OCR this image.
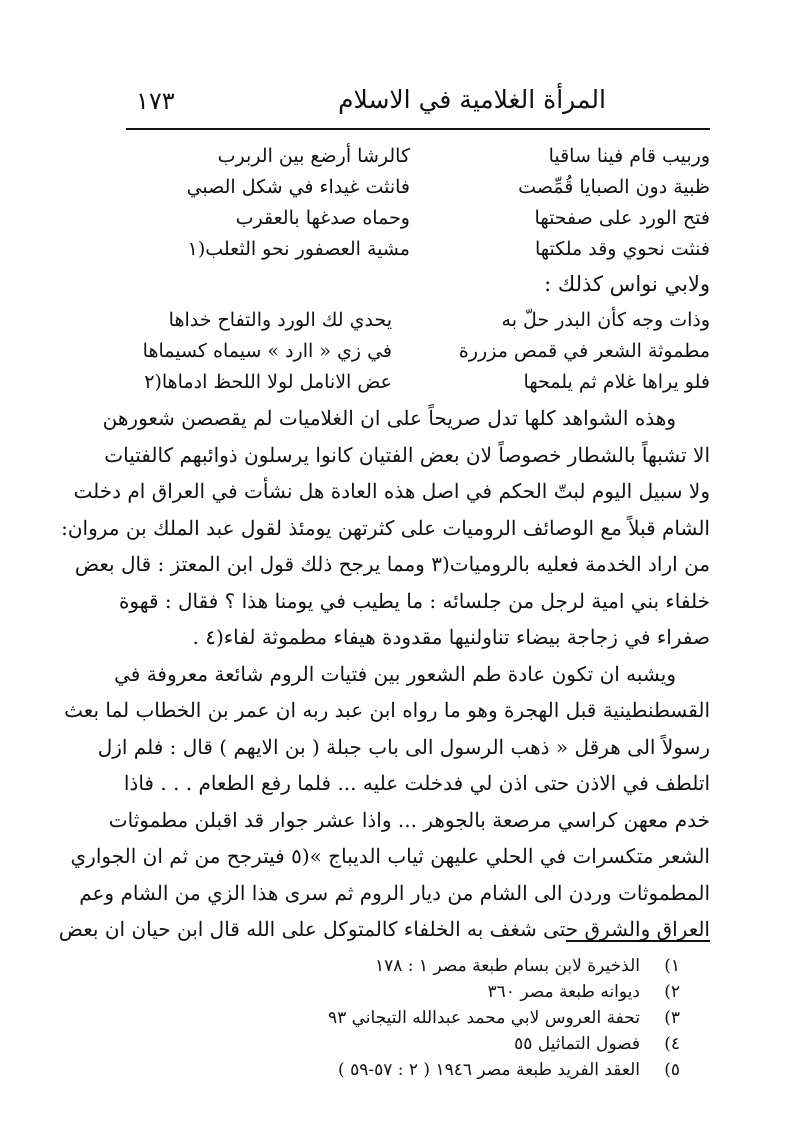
١٧٣	المرأة الغلامية في الاسلام
وربيب قام فينا ساقيا
كالرشا أرضع بين الربرب
ظبية دون الصبايا قُمِّصت
فانثت غيداء في شكل الصبي
فتح الورد على صفحتها
وحماه صدغها بالعقرب
فنثت نحوي وقد ملكتها
مشية العصفور نحو الثعلب(١
ولابي نواس كذلك :
وذات وجه كأن البدر حلّ به
يحدي لك الورد والتفاح خداها
مطموثة الشعر في قمص مزررة
في زي « اارد » سيماه كسيماها
فلو يراها غلام ثم يلمحها
عض الانامل لولا اللحظ ادماها(٢
وهذه الشواهد كلها تدل صريحاً على ان الغلاميات لم يقصصن شعورهن
الا تشبهاً بالشطار خصوصاً لان بعض الفتيان كانوا يرسلون ذوائبهم كالفتيات
ولا سبيل اليوم لبتّ الحكم في اصل هذه العادة هل نشأت في العراق ام دخلت
الشام قبلاً مع الوصائف الروميات على كثرتهن يومئذ لقول عبد الملك بن مروان:
من اراد الخدمة فعليه بالروميات(٣ ومما يرجح ذلك قول ابن المعتز : قال بعض
خلفاء بني امية لرجل من جلسائه : ما يطيب في يومنا هذا ؟ فقال : قهوة
صفراء في زجاجة بيضاء تناولنيها مقدودة هيفاء مطموثة لفاء(٤ .
ويشبه ان تكون عادة طم الشعور بين فتيات الروم شائعة معروفة في
القسطنطينية قبل الهجرة وهو ما رواه ابن عبد ربه ان عمر بن الخطاب لما بعث
رسولاً الى هرقل « ذهب الرسول الى باب جبلة ( بن الايهم ) قال : فلم ازل
اتلطف في الاذن حتى اذن لي فدخلت عليه ... فلما رفع الطعام . . . فاذا
خدم معهن كراسي مرصعة بالجوهر ... واذا عشر جوار قد اقبلن مطموثات
الشعر متكسرات في الحلي عليهن ثياب الديباج »(٥ فيترجح من ثم ان الجواري
المطموثات وردن الى الشام من ديار الروم ثم سرى هذا الزي من الشام وعم
العراق والشرق حتى شغف به الخلفاء كالمتوكل على الله قال ابن حيان ان بعض
١)الذخيرة لابن بسام طبعة مصر ١ : ١٧٨
٢)ديوانه طبعة مصر ٣٦٠
٣)تحفة العروس لابي محمد عبدالله التيجاني ٩٣
٤)فصول التماثيل ٥٥
٥)العقد الفريد طبعة مصر ١٩٤٦ ( ٢ : ٥٧-٥٩ )
